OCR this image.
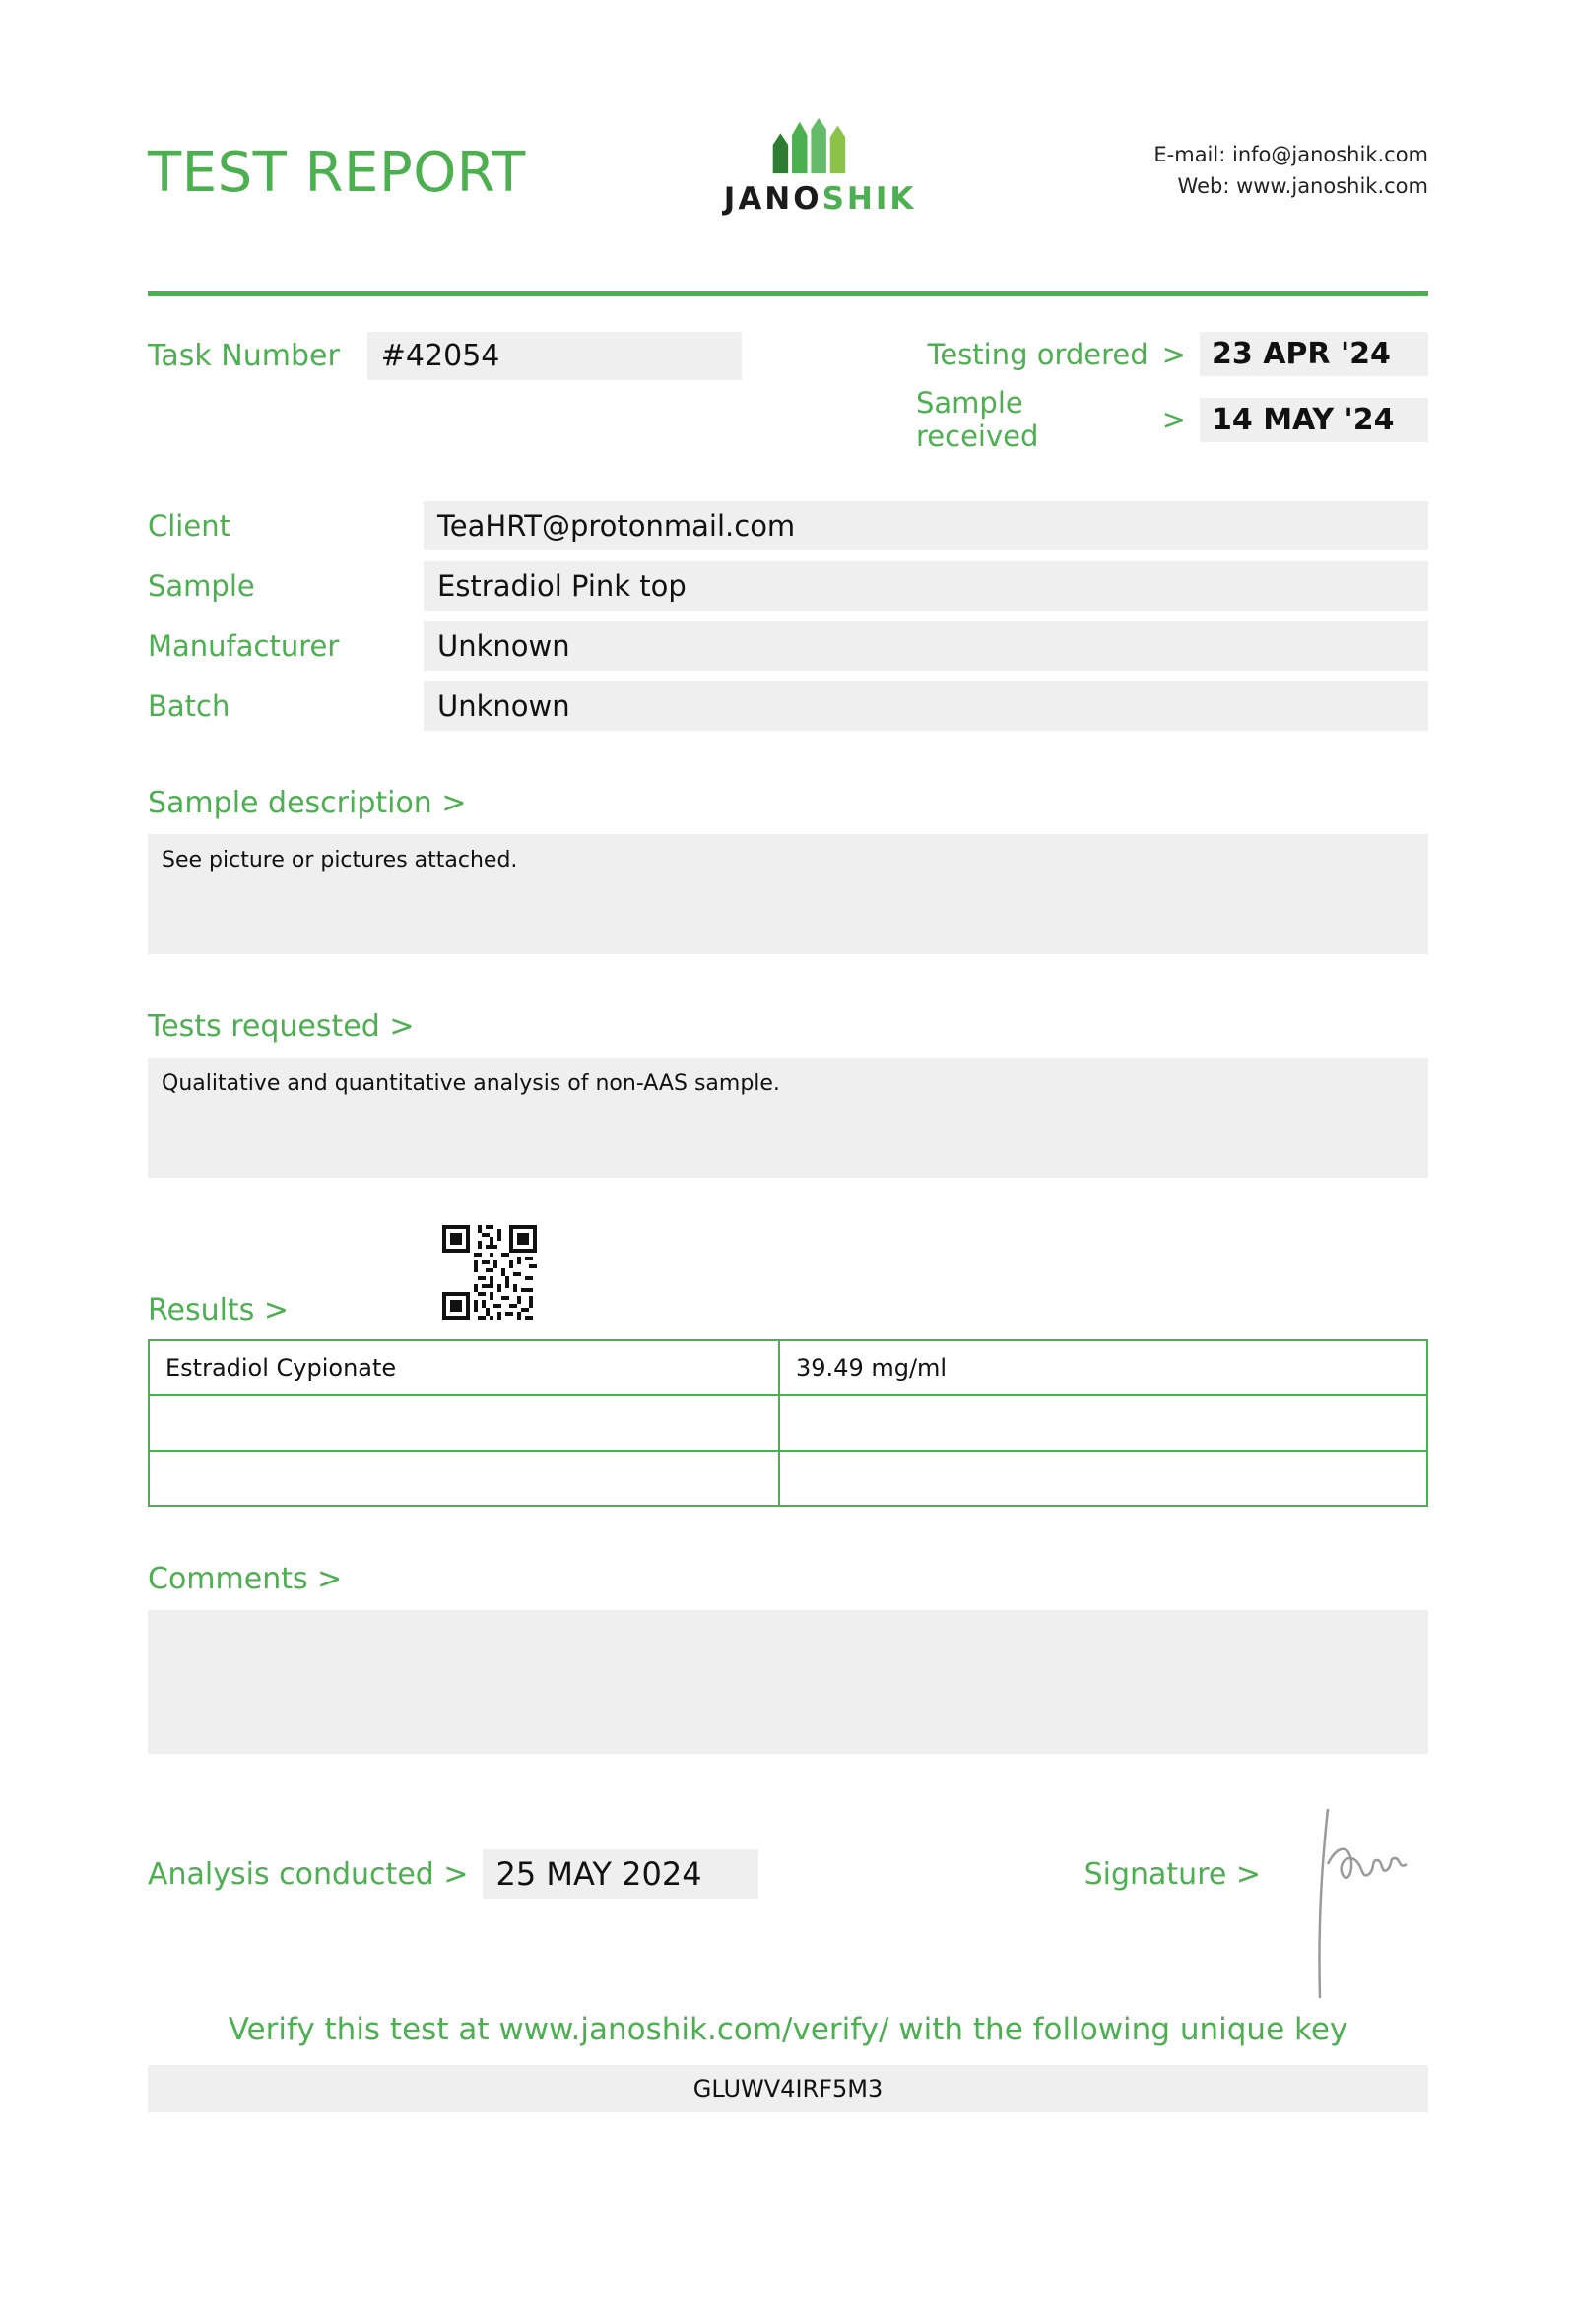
TEST REPORT	JANOSHIK
E-mail: info@janoshik.com
Web: www.janoshik.com
Task Number	#42054	Testing ordered > 23 APR '24
Sample received	> 14 MAY '24
Client	TeaHRT@protonmail.com
Sample	Estradiol Pink top
Manufacturer	Unknown
Batch	Unknown
Sample description >
See picture or pictures attached.
Tests requested >
Qualitative and quantitative analysis of non-AAS sample.
Results >
Estradiol Cypionate	39.49 mg/ml

Comments >
Analysis conducted > 25 MAY 2024	Signature >
Verify this test at www.janoshik.com/verify/ with the following unique key
GLUWV4IRF5M3
